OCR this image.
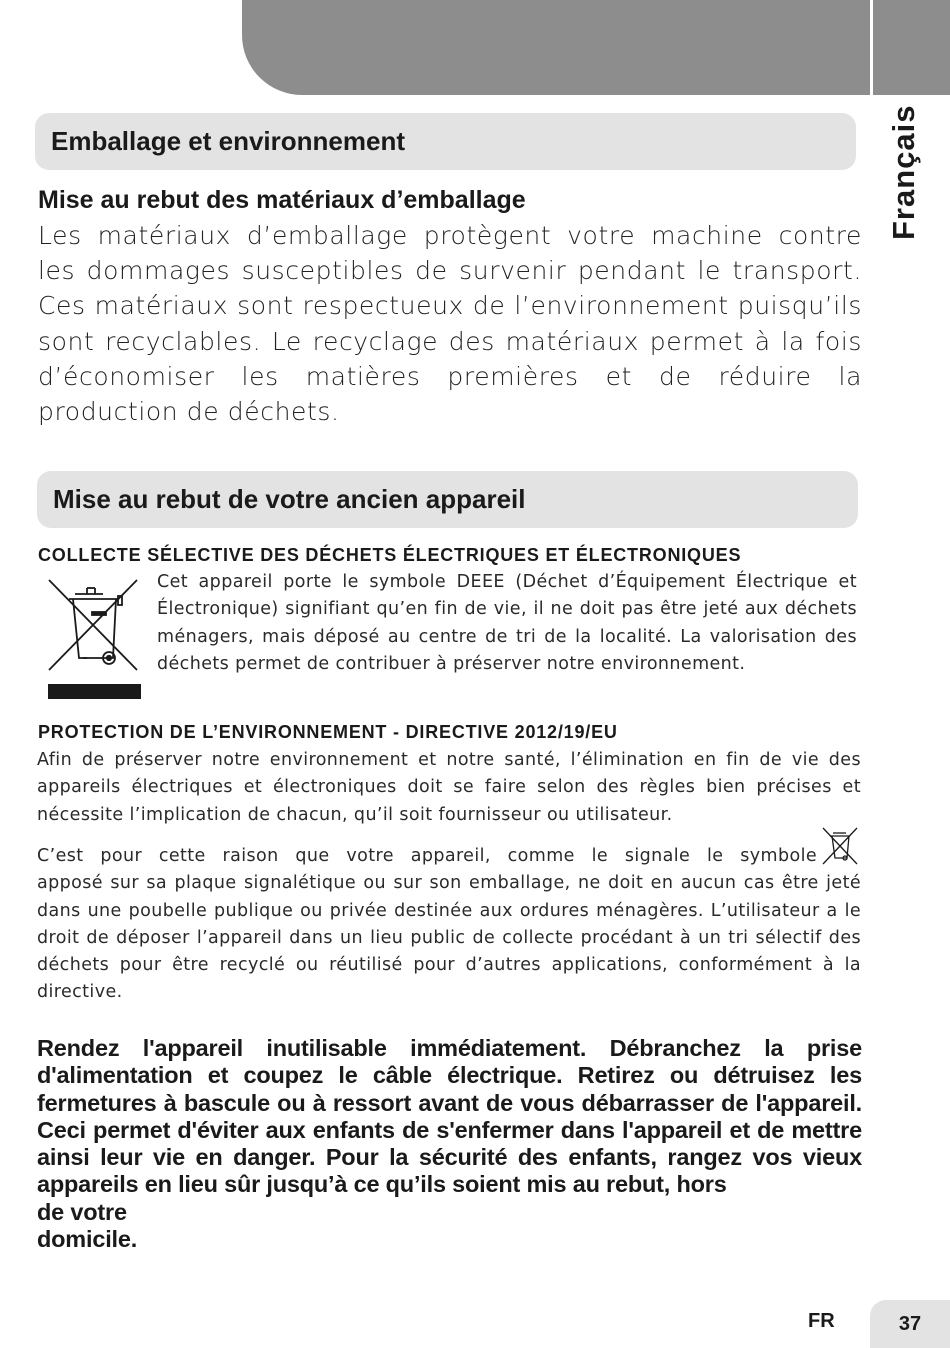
Français
Emballage et environnement
Mise au rebut des matériaux d’emballage
Les matériaux d’emballage protègent votre machine contre les dommages susceptibles de survenir pendant le transport. Ces matériaux sont respectueux de l’environnement puisqu’ils sont recyclables. Le recyclage des matériaux permet à la fois d’économiser les matières premières et de réduire la production de déchets.
Mise au rebut de votre ancien appareil
COLLECTE SÉLECTIVE DES DÉCHETS ÉLECTRIQUES ET ÉLECTRONIQUES
Cet appareil porte le symbole DEEE (Déchet d’Équipement Électrique et Électronique) signifiant qu’en fin de vie, il ne doit pas être jeté aux déchets ménagers, mais déposé au centre de tri de la localité. La valorisation des déchets permet de contribuer à préserver notre environnement.
PROTECTION DE L’ENVIRONNEMENT - DIRECTIVE 2012/19/EU
Afin de préserver notre environnement et notre santé, l’élimination en fin de vie des appareils électriques et électroniques doit se faire selon des règles bien précises et nécessite l’implication de chacun, qu’il soit fournisseur ou utilisateur.
C’est pour cette raison que votre appareil, comme le signale le symbole
apposé sur sa plaque signalétique ou sur son emballage, ne doit en aucun cas être jeté dans une poubelle publique ou privée destinée aux ordures ménagères. L’utilisateur a le droit de déposer l’appareil dans un lieu public de collecte procédant à un tri sélectif des déchets pour être recyclé ou réutilisé pour d’autres applications, conformément à la directive.
Rendez l'appareil inutilisable immédiatement. Débranchez la prise d'alimentation et coupez le câble électrique. Retirez ou détruisez les fermetures à bascule ou à ressort avant de vous débarrasser de l'appareil. Ceci permet d'éviter aux enfants de s'enfermer dans l'appareil et de mettre ainsi leur vie en danger. Pour la sécurité des enfants, rangez vos vieux appareils en lieu sûr jusqu’à ce qu’ils soient mis au rebut, hors
de votre
domicile.
FR	37
